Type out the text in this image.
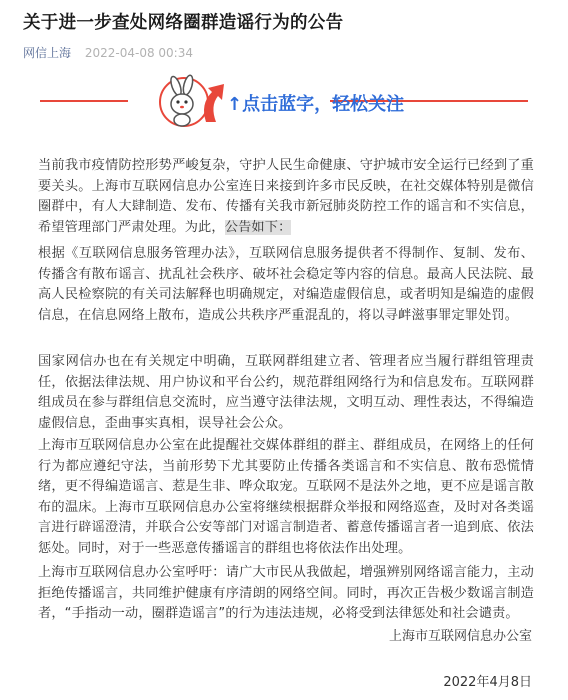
关于进一步查处网络圈群造谣行为的公告
网信上海 2022-04-08 00:34
↑点击蓝字，轻松关注
当前我市疫情防控形势严峻复杂，守护人民生命健康、守护城市安全运行已经到了重要关头。上海市互联网信息办公室连日来接到许多市民反映，在社交媒体特别是微信圈群中，有人大肆制造、发布、传播有关我市新冠肺炎防控工作的谣言和不实信息，希望管理部门严肃处理。为此，公告如下：
根据《互联网信息服务管理办法》，互联网信息服务提供者不得制作、复制、发布、传播含有散布谣言、扰乱社会秩序、破坏社会稳定等内容的信息。最高人民法院、最高人民检察院的有关司法解释也明确规定，对编造虚假信息，或者明知是编造的虚假信息，在信息网络上散布，造成公共秩序严重混乱的，将以寻衅滋事罪定罪处罚。
国家网信办也在有关规定中明确，互联网群组建立者、管理者应当履行群组管理责任，依据法律法规、用户协议和平台公约，规范群组网络行为和信息发布。互联网群组成员在参与群组信息交流时，应当遵守法律法规，文明互动、理性表达，不得编造虚假信息，歪曲事实真相，误导社会公众。
上海市互联网信息办公室在此提醒社交媒体群组的群主、群组成员，在网络上的任何行为都应遵纪守法，当前形势下尤其要防止传播各类谣言和不实信息、散布恐慌情绪，更不得编造谣言、惹是生非、哗众取宠。互联网不是法外之地，更不应是谣言散布的温床。上海市互联网信息办公室将继续根据群众举报和网络巡查，及时对各类谣言进行辟谣澄清，并联合公安等部门对谣言制造者、蓄意传播谣言者一追到底、依法惩处。同时，对于一些恶意传播谣言的群组也将依法作出处理。
上海市互联网信息办公室呼吁：请广大市民从我做起，增强辨别网络谣言能力，主动拒绝传播谣言，共同维护健康有序清朗的网络空间。同时，再次正告极少数谣言制造者，“手指动一动，圈群造谣言”的行为违法违规，必将受到法律惩处和社会谴责。
上海市互联网信息办公室
2022年4月8日
